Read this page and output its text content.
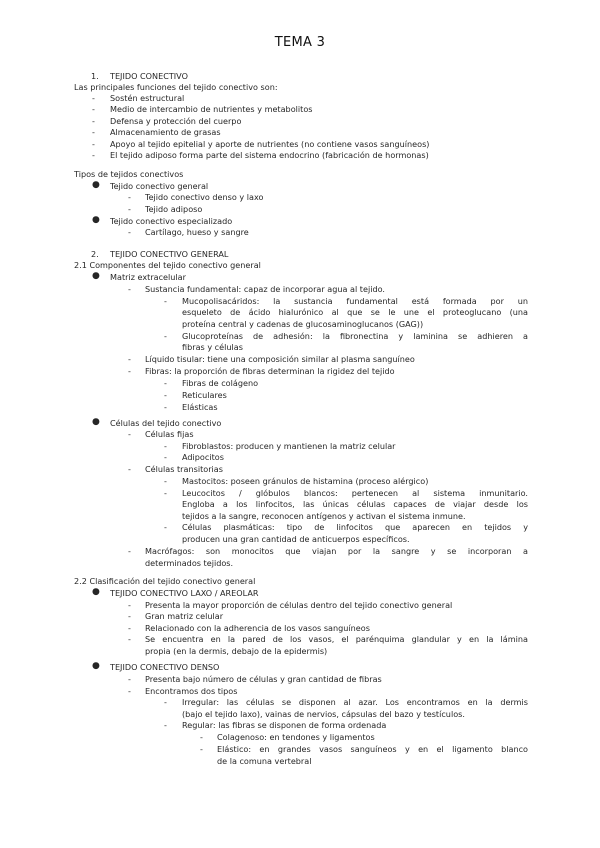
TEMA 3
1. TEJIDO CONECTIVO
Las principales funciones del tejido conectivo son:
- Sostén estructural
- Medio de intercambio de nutrientes y metabolitos
- Defensa y protección del cuerpo
- Almacenamiento de grasas
- Apoyo al tejido epitelial y aporte de nutrientes (no contiene vasos sanguíneos)
- El tejido adiposo forma parte del sistema endocrino (fabricación de hormonas)
Tipos de tejidos conectivos
● Tejido conectivo general
- Tejido conectivo denso y laxo
- Tejido adiposo
● Tejido conectivo especializado
- Cartílago, hueso y sangre
2. TEJIDO CONECTIVO GENERAL
2.1 Componentes del tejido conectivo general
● Matriz extracelular
- Sustancia fundamental: capaz de incorporar agua al tejido.
- Mucopolisacáridos: la sustancia fundamental está formada por un
esqueleto de ácido hialurónico al que se le une el proteoglucano (una
proteína central y cadenas de glucosaminoglucanos (GAG))
- Glucoproteínas de adhesión: la fibronectina y laminina se adhieren a
fibras y células
- Líquido tisular: tiene una composición similar al plasma sanguíneo
- Fibras: la proporción de fibras determinan la rigidez del tejido
- Fibras de colágeno
- Reticulares
- Elásticas
● Células del tejido conectivo
- Células fijas
- Fibroblastos: producen y mantienen la matriz celular
- Adipocitos
- Células transitorias
- Mastocitos: poseen gránulos de histamina (proceso alérgico)
- Leucocitos / glóbulos blancos: pertenecen al sistema inmunitario.
Engloba a los linfocitos, las únicas células capaces de viajar desde los
tejidos a la sangre, reconocen antígenos y activan el sistema inmune.
- Células plasmáticas: tipo de linfocitos que aparecen en tejidos y
producen una gran cantidad de anticuerpos específicos.
- Macrófagos: son monocitos que viajan por la sangre y se incorporan a
determinados tejidos.
2.2 Clasificación del tejido conectivo general
● TEJIDO CONECTIVO LAXO / AREOLAR
- Presenta la mayor proporción de células dentro del tejido conectivo general
- Gran matriz celular
- Relacionado con la adherencia de los vasos sanguíneos
- Se encuentra en la pared de los vasos, el parénquima glandular y en la lámina
propia (en la dermis, debajo de la epidermis)
● TEJIDO CONECTIVO DENSO
- Presenta bajo número de células y gran cantidad de fibras
- Encontramos dos tipos
- Irregular: las células se disponen al azar. Los encontramos en la dermis
(bajo el tejido laxo), vainas de nervios, cápsulas del bazo y testículos.
- Regular: las fibras se disponen de forma ordenada
- Colagenoso: en tendones y ligamentos
- Elástico: en grandes vasos sanguíneos y en el ligamento blanco
de la comuna vertebral
